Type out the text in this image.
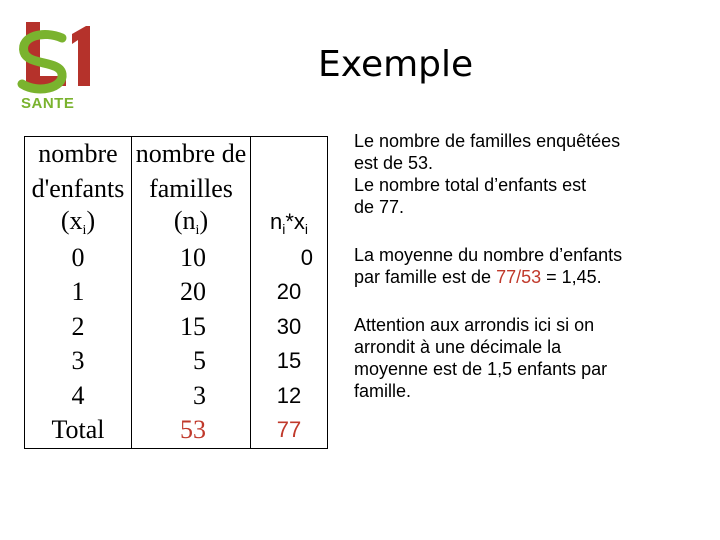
SANTE
Exemple
nombre	nombre de	
d'enfants	familles	
$(x_i)$	$(n_i)$	$n_i*x_i$
0	10	0
1	20	20
2	15	30
3	5	15
4	3	12
Total	53	77

Le nombre de familles enquêtées
est de 53.
Le nombre total d’enfants est
de 77.

La moyenne du nombre d’enfants
par famille est de 77/53 = 1,45.

Attention aux arrondis ici si on
arrondit à une décimale la
moyenne est de 1,5 enfants par
famille.
